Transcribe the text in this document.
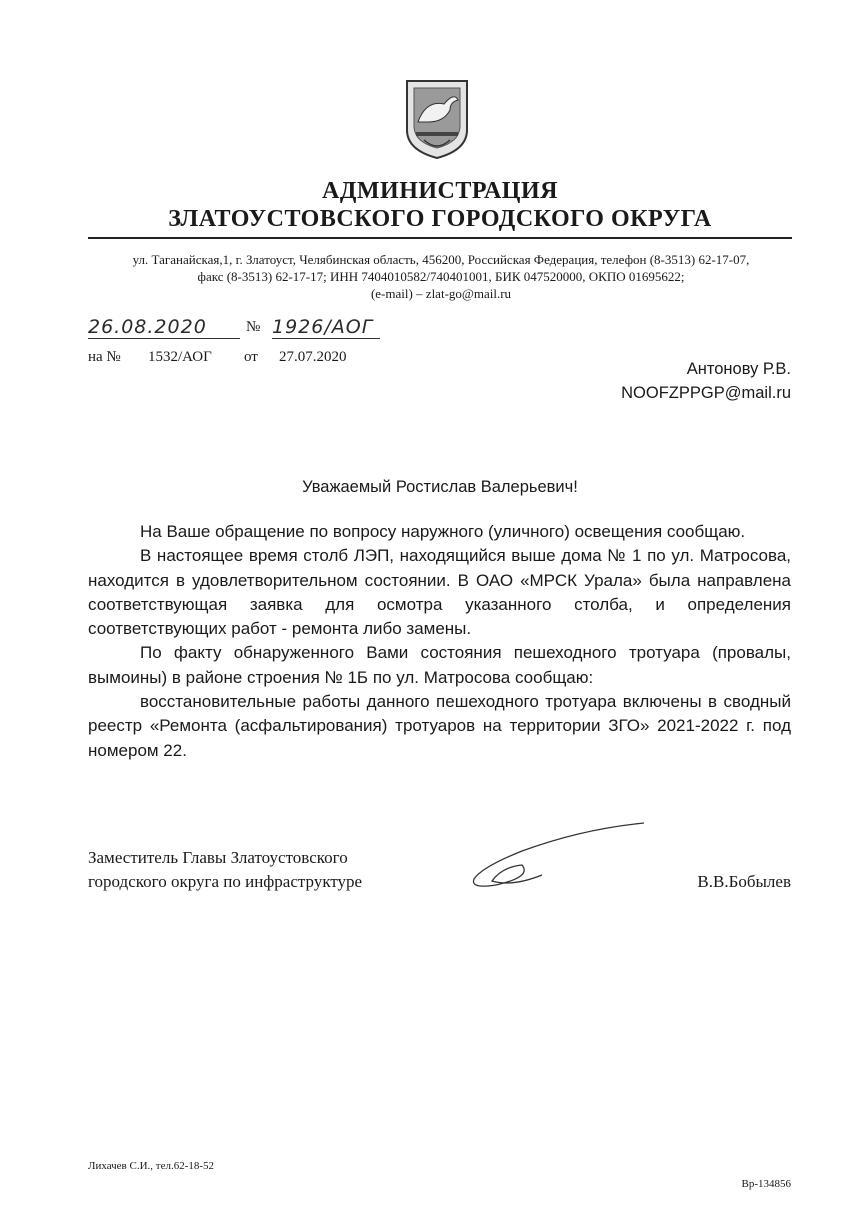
АДМИНИСТРАЦИЯ
ЗЛАТОУСТОВСКОГО ГОРОДСКОГО ОКРУГА
ул. Таганайская,1, г. Златоуст, Челябинская область, 456200, Российская Федерация, телефон (8-3513) 62-17-07,
факс (8-3513) 62-17-17; ИНН 7404010582/740401001, БИК 047520000, ОКПО 01695622;
(e-mail) – zlat-go@mail.ru
26.08.2020	№ 1926/АОГ
на № 1532/АОГ от 27.07.2020
Антонову Р.В.
NOOFZPPGP@mail.ru
Уважаемый Ростислав Валерьевич!

На Ваше обращение по вопросу наружного (уличного) освещения сообщаю.

В настоящее время столб ЛЭП, находящийся выше дома № 1 по ул. Матросова, находится в удовлетворительном состоянии. В ОАО «МРСК Урала» была направлена соответствующая заявка для осмотра указанного столба, и определения соответствующих работ - ремонта либо замены.

По факту обнаруженного Вами состояния пешеходного тротуара (провалы, вымоины) в районе строения № 1Б по ул. Матросова сообщаю:

восстановительные работы данного пешеходного тротуара включены в сводный реестр «Ремонта (асфальтирования) тротуаров на территории ЗГО» 2021-2022 г. под номером 22.

Заместитель Главы Златоустовского
городского округа по инфраструктуре	В.В.Бобылев
Лихачев С.И., тел.62-18-52
Вр-134856
